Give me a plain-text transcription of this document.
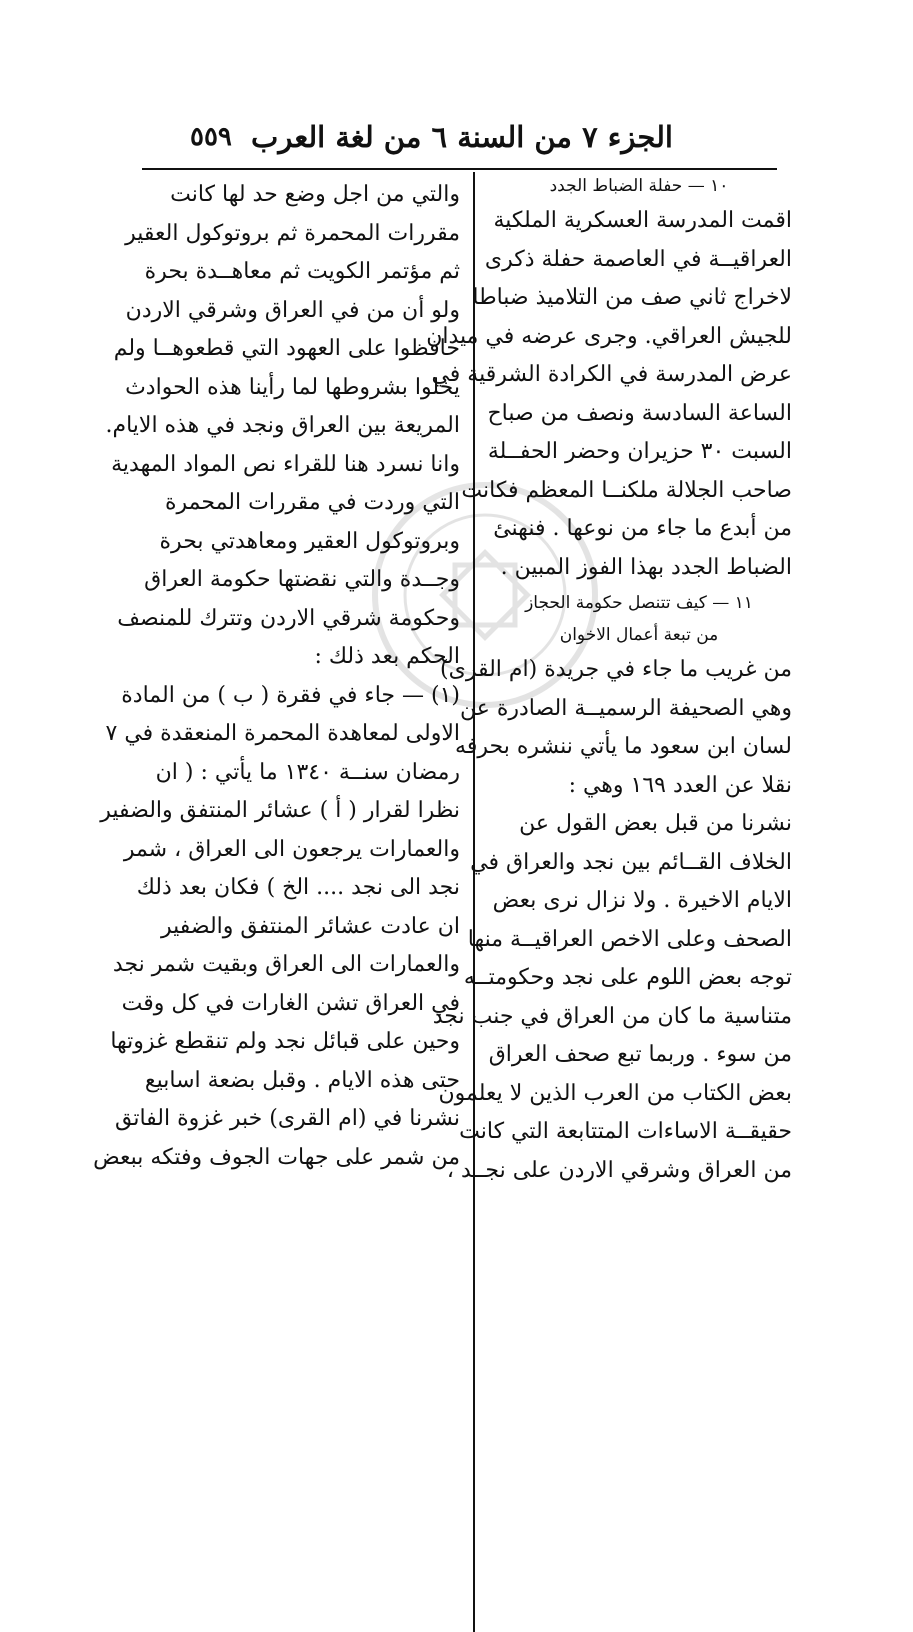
الجزء ٧ من السنة ٦ من لغة العرب
٥٥٩
١٠ — حفلة الضباط الجدد
اقمت المدرسة العسكرية الملكية
العراقيــة في العاصمة حفلة ذكرى
لاخراج ثاني صف من التلاميذ ضباطا
للجيش العراقي. وجرى عرضه في ميدان
عرض المدرسة في الكرادة الشرقية في
الساعة السادسة ونصف من صباح
السبت ٣٠ حزيران وحضر الحفــلة
صاحب الجلالة ملكنــا المعظم فكانت
من أبدع ما جاء من نوعها . فنهنئ
الضباط الجدد بهذا الفوز المبين .
١١ — كيف تتنصل حكومة الحجاز
من تبعة أعمال الاخوان
من غريب ما جاء في جريدة (ام القرى)
وهي الصحيفة الرسميــة الصادرة عن
لسان ابن سعود ما يأتي ننشره بحرفه
نقلا عن العدد ١٦٩ وهي :
نشرنا من قبل بعض القول عن
الخلاف القــائم بين نجد والعراق في
الايام الاخيرة . ولا نزال نرى بعض
الصحف وعلى الاخص العراقيــة منها
توجه بعض اللوم على نجد وحكومتــه
متناسية ما كان من العراق في جنب نجد
من سوء . وربما تبع صحف العراق
بعض الكتاب من العرب الذين لا يعلمون
حقيقــة الاساءات المتتابعة التي كانت
من العراق وشرقي الاردن على نجــد ،
والتي من اجل وضع حد لها كانت
مقررات المحمرة ثم بروتوكول العقير
ثم مؤتمر الكويت ثم معاهــدة بحرة
ولو أن من في العراق وشرقي الاردن
حافظوا على العهود التي قطعوهــا ولم
يخلوا بشروطها لما رأينا هذه الحوادث
المريعة بين العراق ونجد في هذه الايام.
وانا نسرد هنا للقراء نص المواد المهدية
التي وردت في مقررات المحمرة
وبروتوكول العقير ومعاهدتي بحرة
وجــدة والتي نقضتها حكومة العراق
وحكومة شرقي الاردن وتترك للمنصف
الحكم بعد ذلك :
(١) — جاء في فقرة ( ب ) من المادة
الاولى لمعاهدة المحمرة المنعقدة في ٧
رمضان سنــة ١٣٤٠ ما يأتي : ( ان
نظرا لقرار ( أ ) عشائر المنتفق والضفير
والعمارات يرجعون الى العراق ، شمر
نجد الى نجد .... الخ ) فكان بعد ذلك
ان عادت عشائر المنتفق والضفير
والعمارات الى العراق وبقيت شمر نجد
في العراق تشن الغارات في كل وقت
وحين على قبائل نجد ولم تنقطع غزوتها
حتى هذه الايام . وقبل بضعة اسابيع
نشرنا في (ام القرى) خبر غزوة الفاتق
من شمر على جهات الجوف وفتكه ببعض
